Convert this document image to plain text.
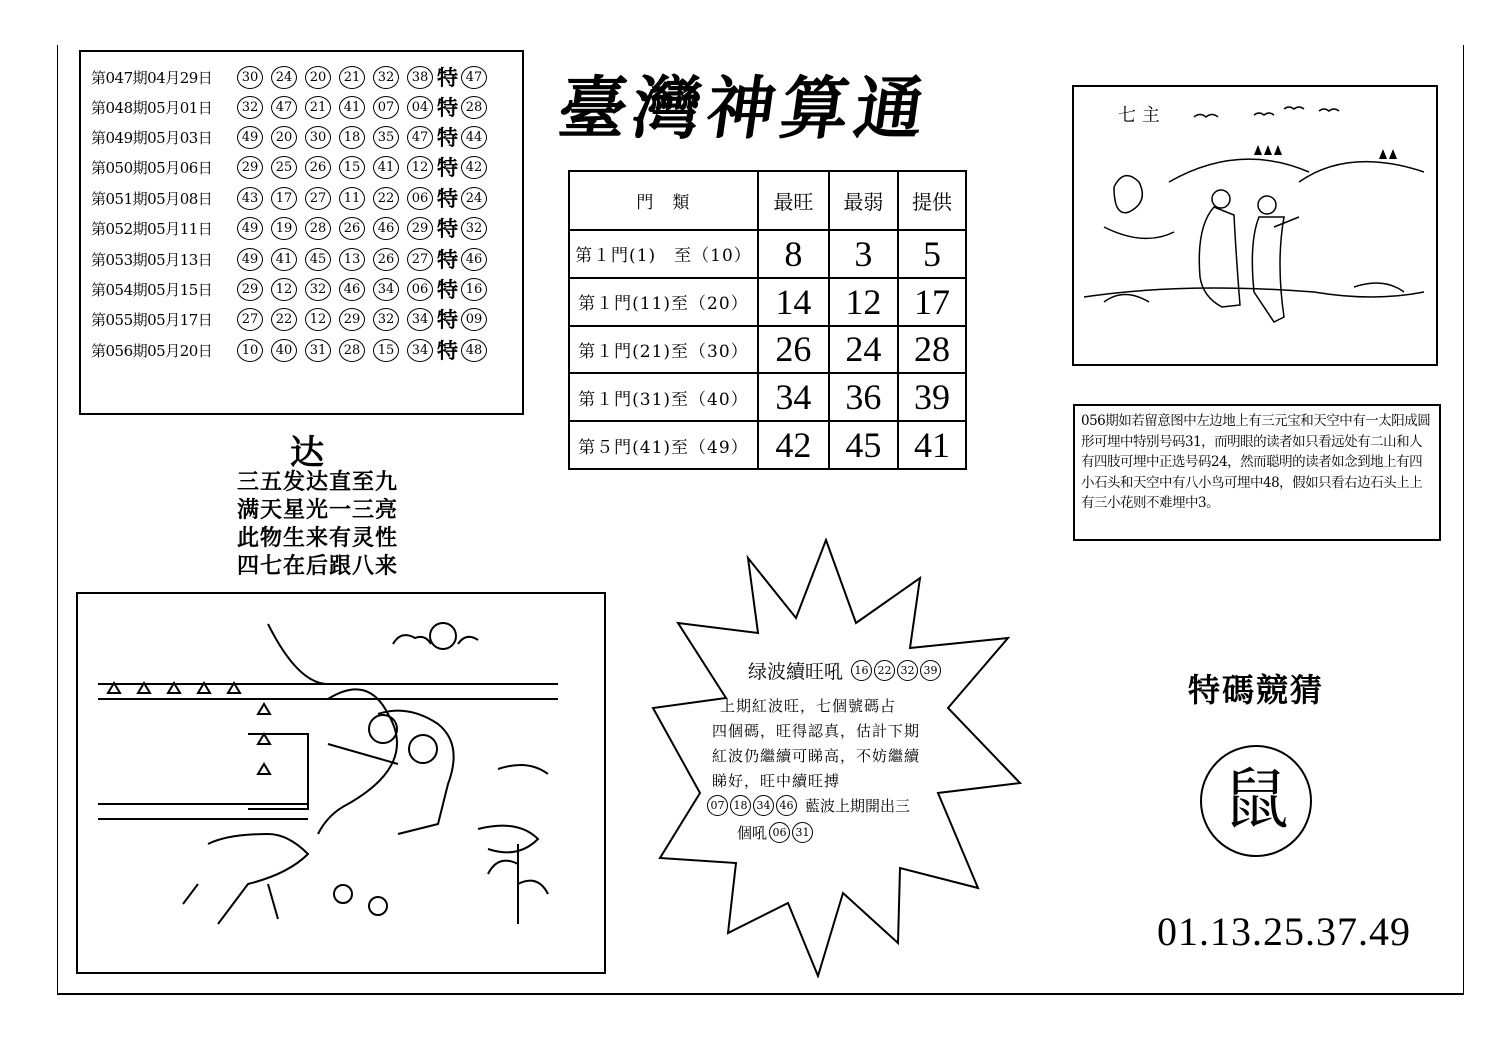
第047期04月29日	30	24	20	21	32	38 特 47
第048期05月01日	32	47	21	41	07	04 特 28
第049期05月03日	49	20	30	18	35	47 特 44
第050期05月06日	29	25	26	15	41	12 特 42
第051期05月08日	43	17	27	11	22	06 特 24
第052期05月11日	49	19	28	26	46	29 特 32
第053期05月13日	49	41	45	13	26	27 特 46
第054期05月15日	29	12	32	46	34	06 特 16
第055期05月17日	27	22	12	29	32	34 特 09
第056期05月20日	10	40	31	28	15	34 特 48
臺灣神算通
門　類	最旺	最弱	提供
第１門(1)　至（10）	8	3	5
第１門(11)至（20）	14	12	17
第１門(21)至（30）	26	24	28
第１門(31)至（40）	34	36	39
第５門(41)至（49）	42	45	41
达
三五发达直至九
满天星光一三亮
此物生来有灵性
四七在后跟八来
七 主
056期如若留意图中左边地上有三元宝和天空中有一太阳成圆形可埋中特别号码31，而明眼的读者如只看远处有二山和人有四肢可埋中正选号码24，然而聪明的读者如念到地上有四小石头和天空中有八小鸟可埋中48，假如只看右边石头上上有三小花则不难埋中3。
绿波續旺吼	16 22 32 39
上期紅波旺，七個號碼占
四個碼，旺得認真，估計下期
紅波仍繼續可睇高，不妨繼續
睇好，旺中續旺搏
07 18 34 46 藍波上期開出三
個吼 06 31
特碼競猜
鼠
01.13.25.37.49
